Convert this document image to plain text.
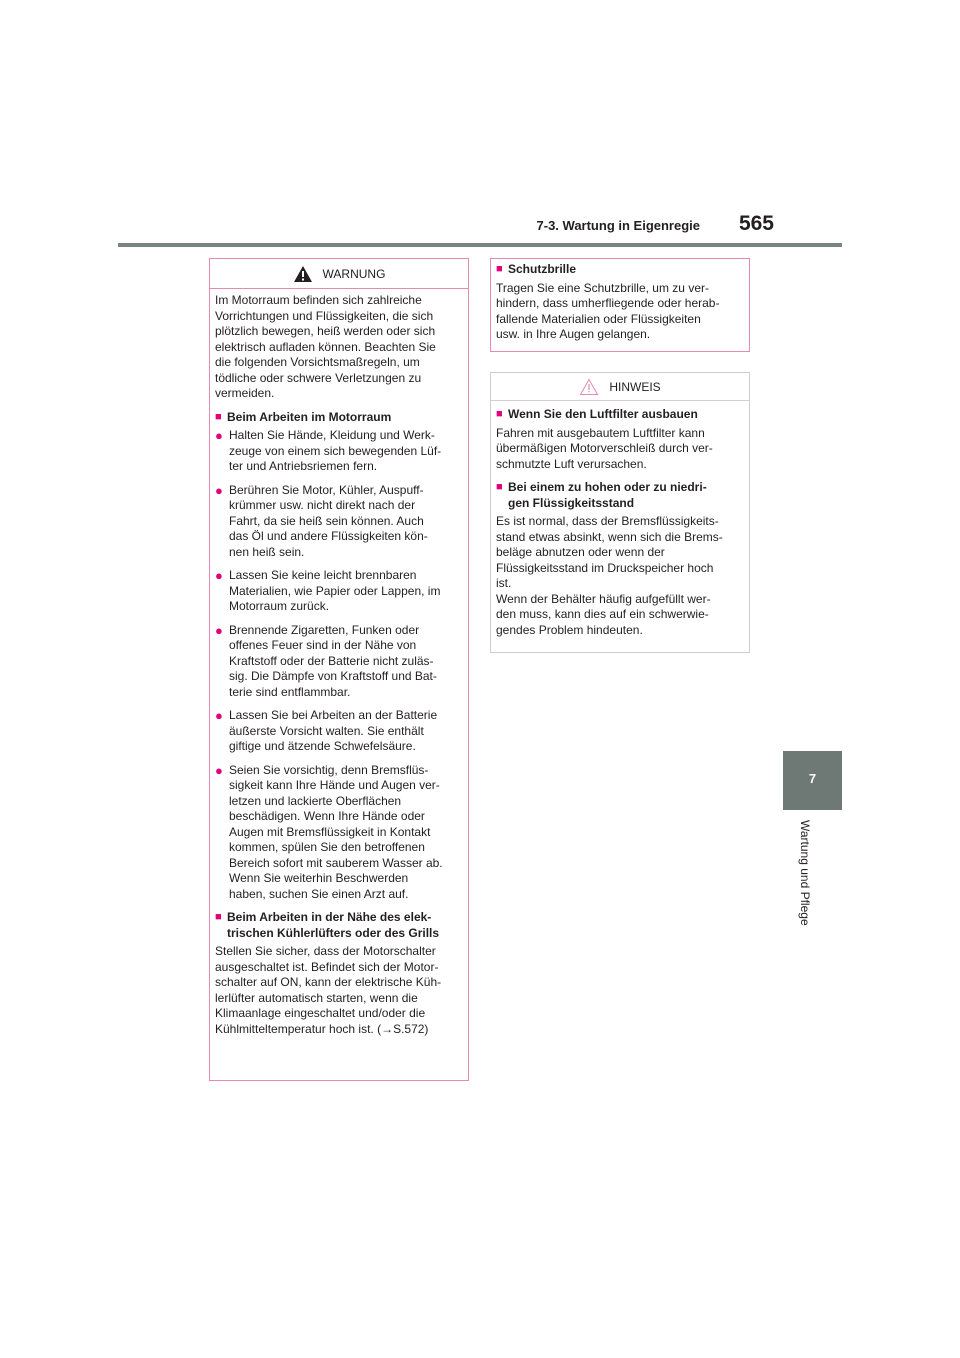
7-3. Wartung in Eigenregie	565
7
Wartung und Pflege
WARNUNG

Im Motorraum befinden sich zahlreiche
Vorrichtungen und Flüssigkeiten, die sich
plötzlich bewegen, heiß werden oder sich
elektrisch aufladen können. Beachten Sie
die folgenden Vorsichtsmaßregeln, um
tödliche oder schwere Verletzungen zu
vermeiden.

■ Beim Arbeiten im Motorraum
● Halten Sie Hände, Kleidung und Werk-
zeuge von einem sich bewegenden Lüf-
ter und Antriebsriemen fern.
● Berühren Sie Motor, Kühler, Auspuff-
krümmer usw. nicht direkt nach der
Fahrt, da sie heiß sein können. Auch
das Öl und andere Flüssigkeiten kön-
nen heiß sein.
● Lassen Sie keine leicht brennbaren
Materialien, wie Papier oder Lappen, im
Motorraum zurück.
● Brennende Zigaretten, Funken oder
offenes Feuer sind in der Nähe von
Kraftstoff oder der Batterie nicht zuläs-
sig. Die Dämpfe von Kraftstoff und Bat-
terie sind entflammbar.
● Lassen Sie bei Arbeiten an der Batterie
äußerste Vorsicht walten. Sie enthält
giftige und ätzende Schwefelsäure.
● Seien Sie vorsichtig, denn Bremsflüs-
sigkeit kann Ihre Hände und Augen ver-
letzen und lackierte Oberflächen
beschädigen. Wenn Ihre Hände oder
Augen mit Bremsflüssigkeit in Kontakt
kommen, spülen Sie den betroffenen
Bereich sofort mit sauberem Wasser ab.
Wenn Sie weiterhin Beschwerden
haben, suchen Sie einen Arzt auf.
■ Beim Arbeiten in der Nähe des elek-
trischen Kühlerlüfters oder des Grills

Stellen Sie sicher, dass der Motorschalter
ausgeschaltet ist. Befindet sich der Motor-
schalter auf ON, kann der elektrische Küh-
lerlüfter automatisch starten, wenn die
Klimaanlage eingeschaltet und/oder die
Kühlmitteltemperatur hoch ist. (→S.572)

■ Schutzbrille

Tragen Sie eine Schutzbrille, um zu ver-
hindern, dass umherfliegende oder herab-
fallende Materialien oder Flüssigkeiten
usw. in Ihre Augen gelangen.

HINWEIS
■ Wenn Sie den Luftfilter ausbauen

Fahren mit ausgebautem Luftfilter kann
übermäßigen Motorverschleiß durch ver-
schmutzte Luft verursachen.

■ Bei einem zu hohen oder zu niedri-
gen Flüssigkeitsstand

Es ist normal, dass der Bremsflüssigkeits-
stand etwas absinkt, wenn sich die Brems-
beläge abnutzen oder wenn der
Flüssigkeitsstand im Druckspeicher hoch
ist.
Wenn der Behälter häufig aufgefüllt wer-
den muss, kann dies auf ein schwerwie-
gendes Problem hindeuten.
